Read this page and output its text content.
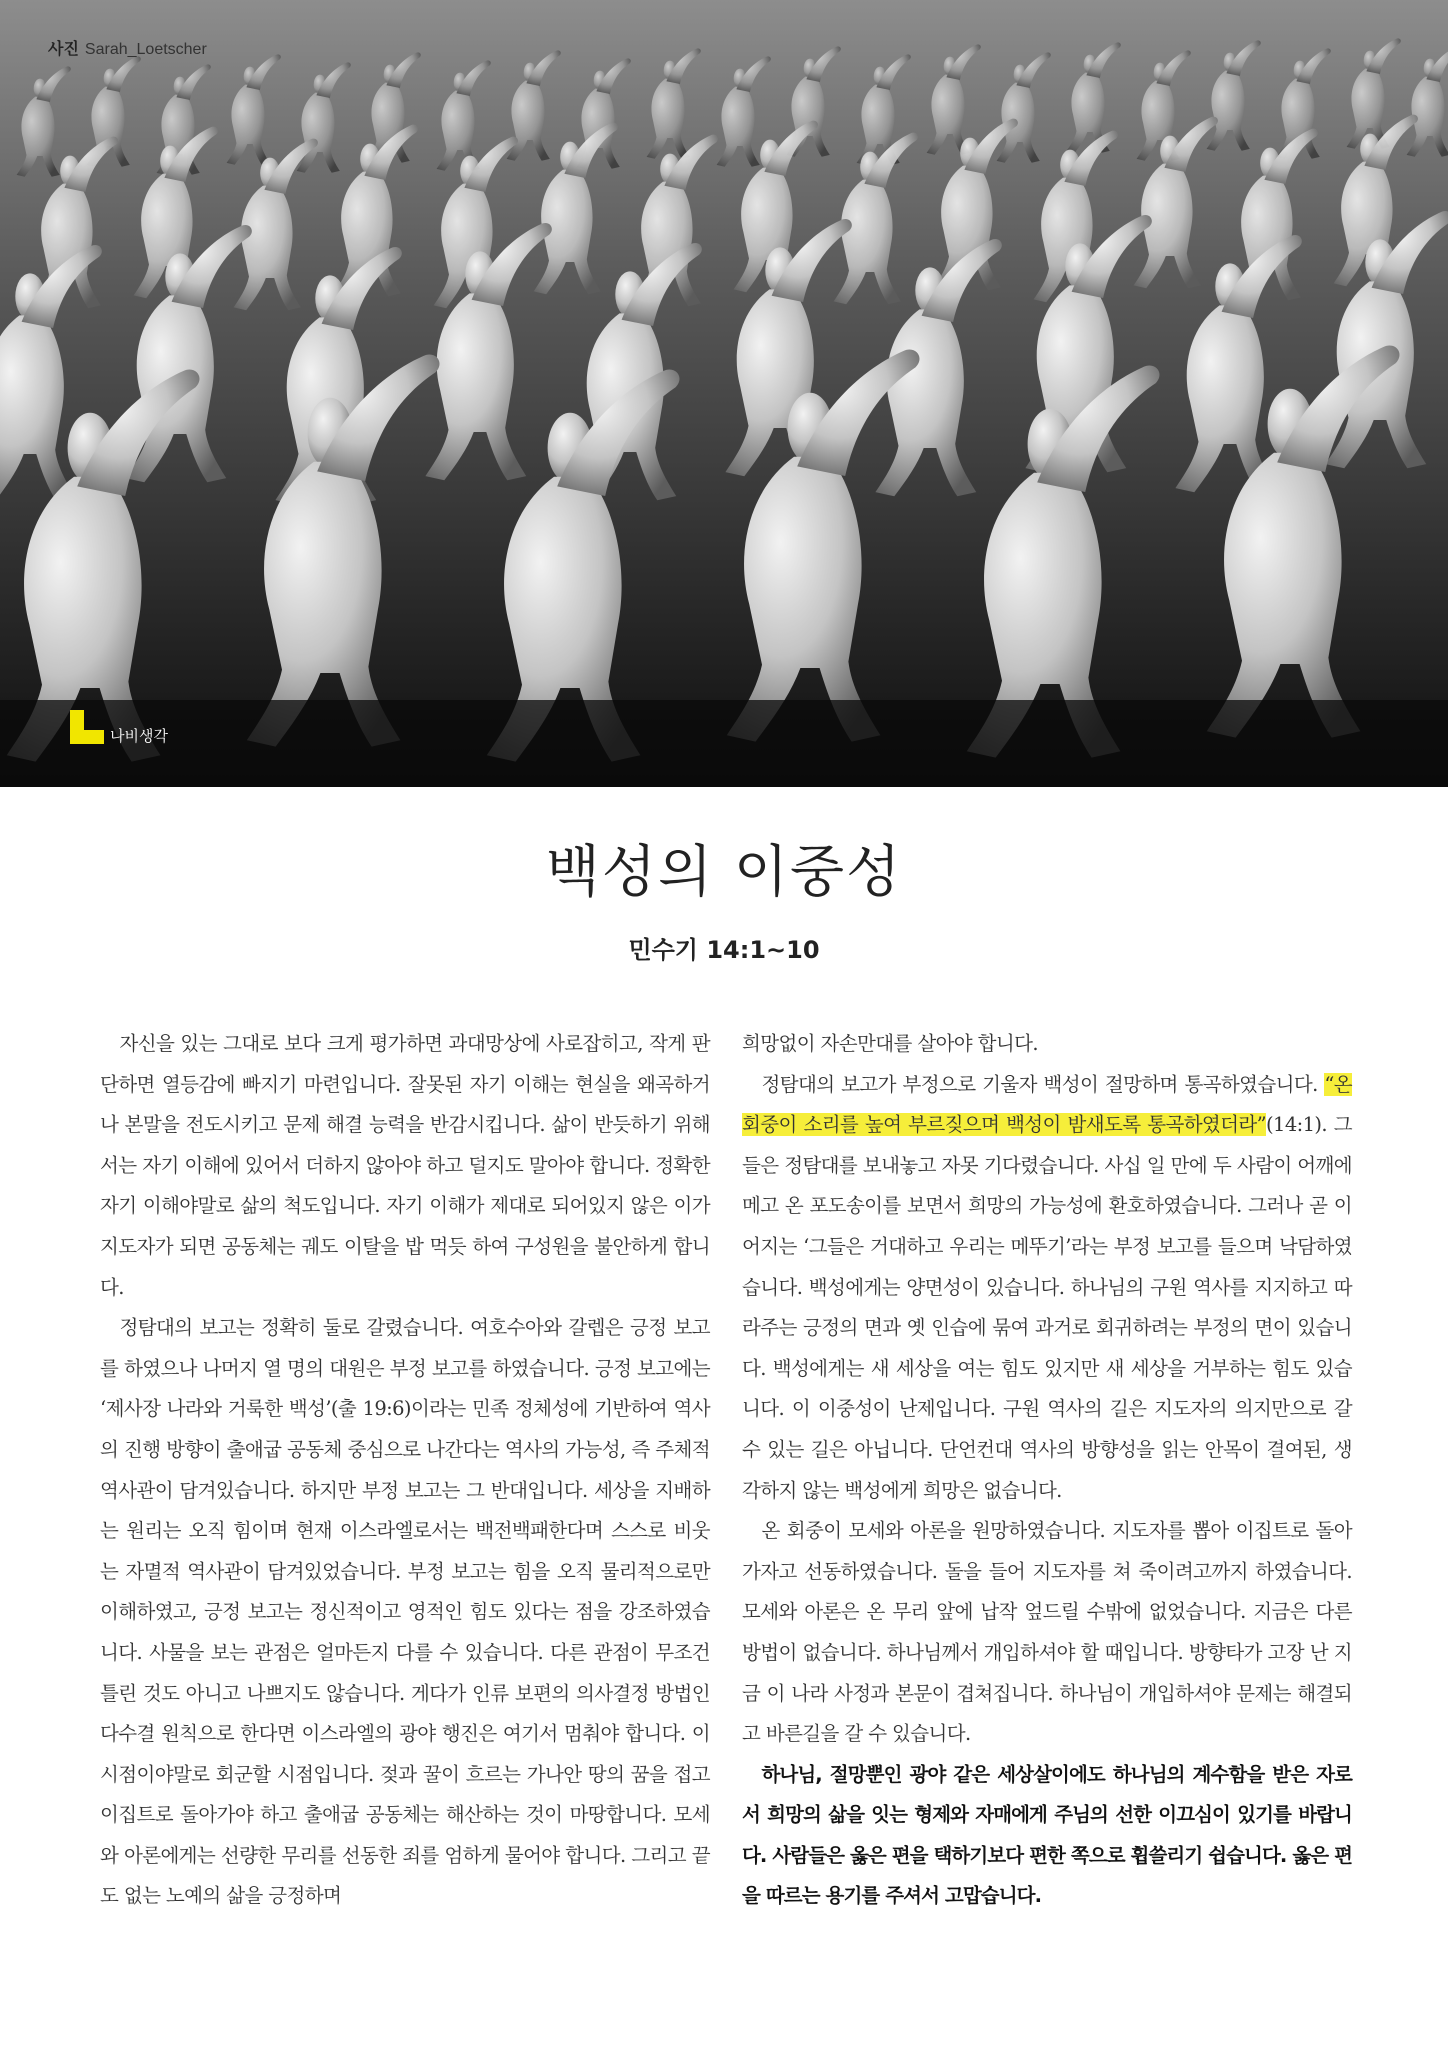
사진 Sarah_Loetscher
나비생각
백성의 이중성
민수기 14:1~10

자신을 있는 그대로 보다 크게 평가하면 과대망상에 사로잡히고, 작게 판단하면 열등감에 빠지기 마련입니다. 잘못된 자기 이해는 현실을 왜곡하거나 본말을 전도시키고 문제 해결 능력을 반감시킵니다. 삶이 반듯하기 위해서는 자기 이해에 있어서 더하지 않아야 하고 덜지도 말아야 합니다. 정확한 자기 이해야말로 삶의 척도입니다. 자기 이해가 제대로 되어있지 않은 이가 지도자가 되면 공동체는 궤도 이탈을 밥 먹듯 하여 구성원을 불안하게 합니다.

정탐대의 보고는 정확히 둘로 갈렸습니다. 여호수아와 갈렙은 긍정 보고를 하였으나 나머지 열 명의 대원은 부정 보고를 하였습니다. 긍정 보고에는 ‘제사장 나라와 거룩한 백성’(출 19:6)이라는 민족 정체성에 기반하여 역사의 진행 방향이 출애굽 공동체 중심으로 나간다는 역사의 가능성, 즉 주체적 역사관이 담겨있습니다. 하지만 부정 보고는 그 반대입니다. 세상을 지배하는 원리는 오직 힘이며 현재 이스라엘로서는 백전백패한다며 스스로 비웃는 자멸적 역사관이 담겨있었습니다. 부정 보고는 힘을 오직 물리적으로만 이해하였고, 긍정 보고는 정신적이고 영적인 힘도 있다는 점을 강조하였습니다. 사물을 보는 관점은 얼마든지 다를 수 있습니다. 다른 관점이 무조건 틀린 것도 아니고 나쁘지도 않습니다. 게다가 인류 보편의 의사결정 방법인 다수결 원칙으로 한다면 이스라엘의 광야 행진은 여기서 멈춰야 합니다. 이 시점이야말로 회군할 시점입니다. 젖과 꿀이 흐르는 가나안 땅의 꿈을 접고 이집트로 돌아가야 하고 출애굽 공동체는 해산하는 것이 마땅합니다. 모세와 아론에게는 선량한 무리를 선동한 죄를 엄하게 물어야 합니다. 그리고 끝도 없는 노예의 삶을 긍정하며

희망없이 자손만대를 살아야 합니다.

정탐대의 보고가 부정으로 기울자 백성이 절망하며 통곡하였습니다. “온 회중이 소리를 높여 부르짖으며 백성이 밤새도록 통곡하였더라”(14:1). 그들은 정탐대를 보내놓고 자못 기다렸습니다. 사십 일 만에 두 사람이 어깨에 메고 온 포도송이를 보면서 희망의 가능성에 환호하였습니다. 그러나 곧 이어지는 ‘그들은 거대하고 우리는 메뚜기’라는 부정 보고를 들으며 낙담하였습니다. 백성에게는 양면성이 있습니다. 하나님의 구원 역사를 지지하고 따라주는 긍정의 면과 옛 인습에 묶여 과거로 회귀하려는 부정의 면이 있습니다. 백성에게는 새 세상을 여는 힘도 있지만 새 세상을 거부하는 힘도 있습니다. 이 이중성이 난제입니다. 구원 역사의 길은 지도자의 의지만으로 갈 수 있는 길은 아닙니다. 단언컨대 역사의 방향성을 읽는 안목이 결여된, 생각하지 않는 백성에게 희망은 없습니다.

온 회중이 모세와 아론을 원망하였습니다. 지도자를 뽑아 이집트로 돌아가자고 선동하였습니다. 돌을 들어 지도자를 쳐 죽이려고까지 하였습니다. 모세와 아론은 온 무리 앞에 납작 엎드릴 수밖에 없었습니다. 지금은 다른 방법이 없습니다. 하나님께서 개입하셔야 할 때입니다. 방향타가 고장 난 지금 이 나라 사정과 본문이 겹쳐집니다. 하나님이 개입하셔야 문제는 해결되고 바른길을 갈 수 있습니다.

하나님, 절망뿐인 광야 같은 세상살이에도 하나님의 계수함을 받은 자로서 희망의 삶을 잇는 형제와 자매에게 주님의 선한 이끄심이 있기를 바랍니다. 사람들은 옳은 편을 택하기보다 편한 쪽으로 휩쓸리기 쉽습니다. 옳은 편을 따르는 용기를 주셔서 고맙습니다.
